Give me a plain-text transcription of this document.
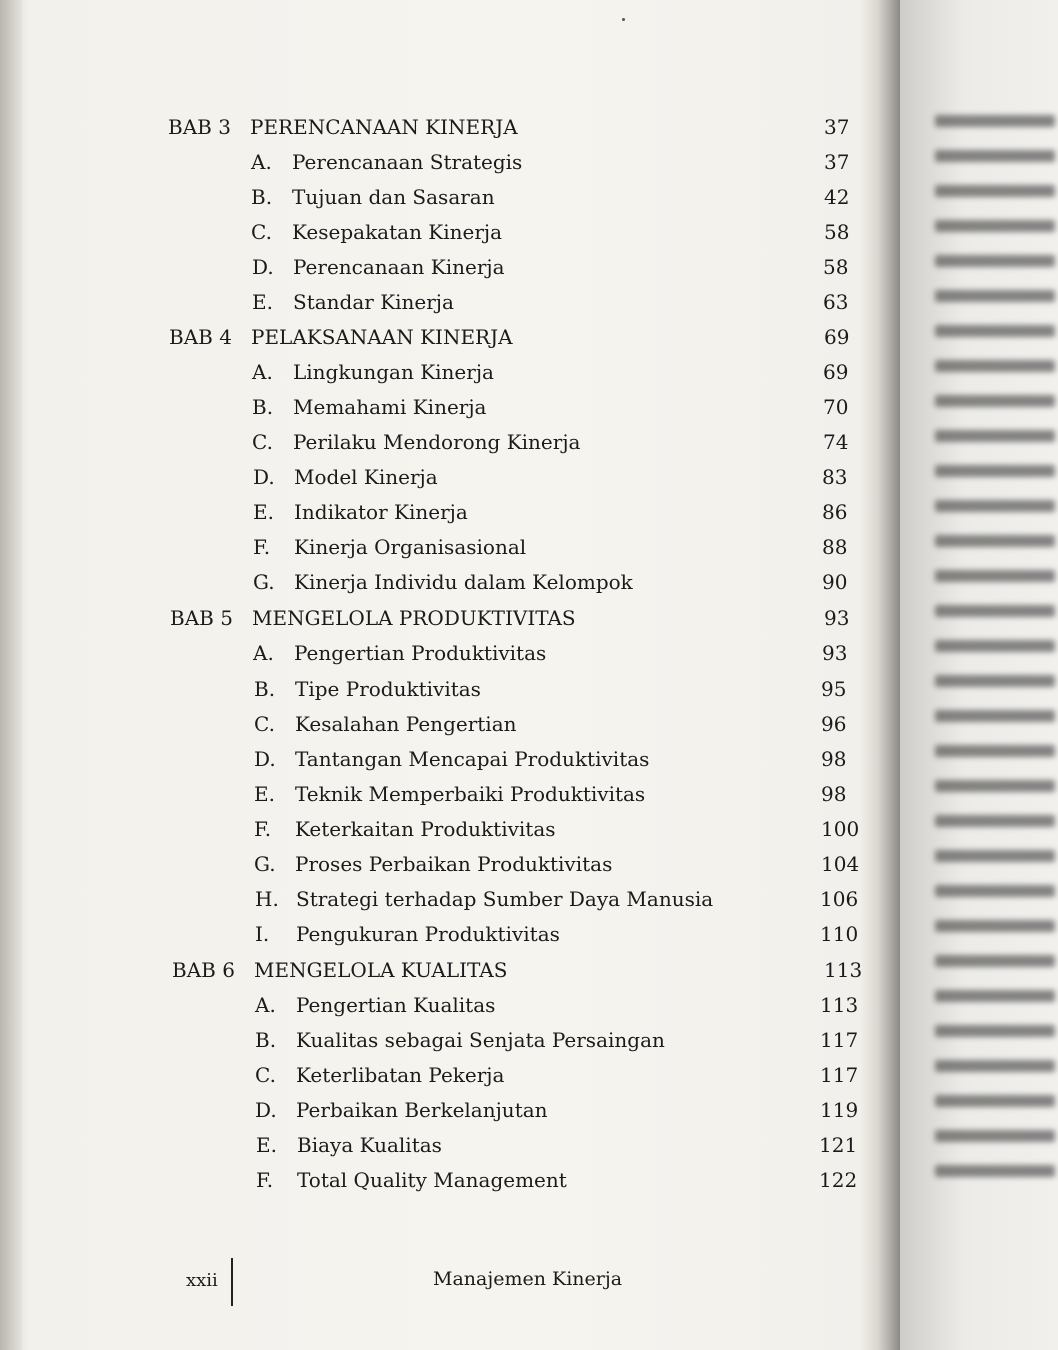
BAB 3 PERENCANAAN KINERJA	37
A. Perencanaan Strategis	37
B. Tujuan dan Sasaran	42
C. Kesepakatan Kinerja	58
D. Perencanaan Kinerja	58
E. Standar Kinerja	63
BAB 4 PELAKSANAAN KINERJA	69
A. Lingkungan Kinerja	69
B. Memahami Kinerja	70
C. Perilaku Mendorong Kinerja	74
D. Model Kinerja	83
E. Indikator Kinerja	86
F. Kinerja Organisasional	88
G. Kinerja Individu dalam Kelompok	90
BAB 5 MENGELOLA PRODUKTIVITAS	93
A. Pengertian Produktivitas	93
B. Tipe Produktivitas	95
C. Kesalahan Pengertian	96
D. Tantangan Mencapai Produktivitas	98
E. Teknik Memperbaiki Produktivitas	98
F. Keterkaitan Produktivitas	100
G. Proses Perbaikan Produktivitas	104
H. Strategi terhadap Sumber Daya Manusia	106
I. Pengukuran Produktivitas	110
BAB 6 MENGELOLA KUALITAS	113
A. Pengertian Kualitas	113
B. Kualitas sebagai Senjata Persaingan	117
C. Keterlibatan Pekerja	117
D. Perbaikan Berkelanjutan	119
E. Biaya Kualitas	121
F. Total Quality Management	122
xxii	Manajemen Kinerja
